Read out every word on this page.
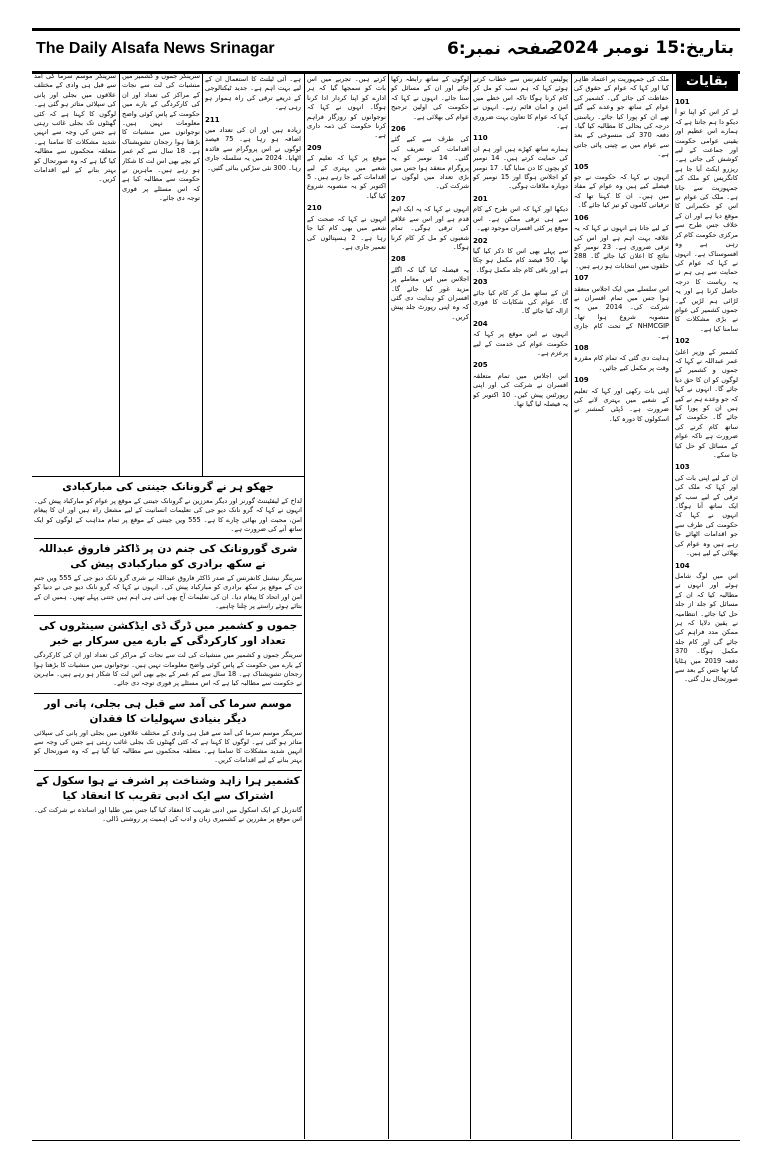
The Daily Alsafa News Srinagar	صفحہ نمبر:6
بتاریخ:15 نومبر 2024
بقایات
101

لے کر اس کو اپنا تو آ دیکو دا ہم جانتا ہے کہ ہمارے اس عظیم اور یقینی عوامی حکومت اور جماعت کے لیے کوشش کی جاتی ہے۔ ریزرو ایکٹ آیا جا ہے کانگریس کو ملک کی جمہوریت سے جانا ہے۔ ملک کی عوام نے اس کو حکمرانی کا موقع دیا ہے اور ان کے خلاف جس طرح سے مرکزی حکومت کام کر رہی ہے وہ افسوسناک ہے۔ انہوں نے کہا کہ عوام کی حمایت سے ہی ہم نے یہ ریاست کا درجہ حاصل کرنا ہے اور یہ لڑائی ہم لڑیں گے۔ جموں کشمیر کی عوام نے بڑی مشکلات کا سامنا کیا ہے۔

102

کشمیر کے وزیر اعلیٰ عمر عبداللہ نے کہا کہ جموں و کشمیر کے لوگوں کو ان کا حق دیا جائے گا۔ انہوں نے کہا کہ جو وعدے ہم نے کیے ہیں ان کو پورا کیا جائے گا۔ حکومت کے ساتھ کام کرنے کی ضرورت ہے تاکہ عوام کے مسائل کو حل کیا جا سکے۔

103

ان کے لیے اپنی بات کی اور کہا کہ ملک کی ترقی کے لیے سب کو ایک ساتھ آنا ہوگا۔ انہوں نے کہا کہ حکومت کی طرف سے جو اقدامات اٹھائے جا رہے ہیں وہ عوام کی بھلائی کے لیے ہیں۔

104

اس میں لوگ شامل ہوئے اور انہوں نے مطالبہ کیا کہ ان کے مسائل کو جلد از جلد حل کیا جائے۔ انتظامیہ نے یقین دلایا کہ ہر ممکن مدد فراہم کی جائے گی اور کام جلد مکمل ہوگا۔ 370 دفعہ 2019 میں ہٹایا گیا تھا جس کے بعد سے صورتحال بدل گئی۔

ملک کی جمہوریت پر اعتماد ظاہر کیا اور کہا کہ عوام کے حقوق کی حفاظت کی جائے گی۔ کشمیر کی عوام کے ساتھ جو وعدے کیے گئے تھے ان کو پورا کیا جائے۔ ریاستی درجہ کی بحالی کا مطالبہ کیا گیا۔ دفعہ 370 کی منسوخی کے بعد سے عوام میں بے چینی پائی جاتی ہے۔

105

انہوں نے کہا کہ حکومت نے جو فیصلے کیے ہیں وہ عوام کے مفاد میں ہیں۔ ان کا کہنا تھا کہ ترقیاتی کاموں کو تیز کیا جائے گا۔

106

کے لیے جانا ہے انہوں نے کہا کہ یہ علاقہ بہت اہم ہے اور اس کی ترقی ضروری ہے۔ 23 نومبر کو نتائج کا اعلان کیا جائے گا۔ 288 حلقوں میں انتخابات ہو رہے ہیں۔

107

اس سلسلے میں ایک اجلاس منعقد ہوا جس میں تمام افسران نے شرکت کی۔ 2014 میں یہ منصوبہ شروع ہوا تھا۔ NHMCGIP کے تحت کام جاری ہے۔

108

ہدایت دی گئی کہ تمام کام مقررہ وقت پر مکمل کیے جائیں۔

109

اپنی بات رکھی اور کہا کہ تعلیم کے شعبے میں بہتری لانے کی ضرورت ہے۔ ڈپٹی کمشنر نے اسکولوں کا دورہ کیا۔

پولیس کانفرنس سے خطاب کرتے ہوئے کہا کہ ہم سب کو مل کر کام کرنا ہوگا تاکہ اس خطے میں امن و امان قائم رہے۔ انہوں نے کہا کہ عوام کا تعاون بہت ضروری ہے۔

110

ہمارے ساتھ کھڑے ہیں اور ہم ان کی حمایت کرتے ہیں۔ 14 نومبر کو بچوں کا دن منایا گیا۔ 17 نومبر کو اجلاس ہوگا اور 15 نومبر کو دوبارہ ملاقات ہوگی۔

201

دیکھا اور کہا کہ اس طرح کے کام سے ہی ترقی ممکن ہے۔ اس موقع پر کئی افسران موجود تھے۔

202

سے پہلے بھی اس کا ذکر کیا گیا تھا۔ 50 فیصد کام مکمل ہو چکا ہے اور باقی کام جلد مکمل ہوگا۔

203

ان کے ساتھ مل کر کام کیا جائے گا۔ عوام کی شکایات کا فوری ازالہ کیا جائے گا۔

204

انہوں نے اس موقع پر کہا کہ حکومت عوام کی خدمت کے لیے پرعزم ہے۔

205

اس اجلاس میں تمام متعلقہ افسران نے شرکت کی اور اپنی رپورٹس پیش کیں۔ 10 اکتوبر کو یہ فیصلہ لیا گیا تھا۔

لوگوں کے ساتھ رابطہ رکھا جائے اور ان کے مسائل کو سنا جائے۔ انہوں نے کہا کہ حکومت کی اولین ترجیح عوام کی بھلائی ہے۔

206

کی طرف سے کیے گئے اقدامات کی تعریف کی گئی۔ 14 نومبر کو یہ پروگرام منعقد ہوا جس میں بڑی تعداد میں لوگوں نے شرکت کی۔

207

انہوں نے کہا کہ یہ ایک اہم قدم ہے اور اس سے علاقے کی ترقی ہوگی۔ تمام شعبوں کو مل کر کام کرنا ہوگا۔

208

یہ فیصلہ کیا گیا کہ اگلے اجلاس میں اس معاملے پر مزید غور کیا جائے گا۔ افسران کو ہدایت دی گئی کہ وہ اپنی رپورٹ جلد پیش کریں۔

کرتے ہیں۔ تجربے میں اس بات کو سمجھا گیا کہ ہر ادارے کو اپنا کردار ادا کرنا ہوگا۔ انہوں نے کہا کہ نوجوانوں کو روزگار فراہم کرنا حکومت کی ذمہ داری ہے۔

209

موقع پر کہا کہ تعلیم کے شعبے میں بہتری کے لیے اقدامات کیے جا رہے ہیں۔ 5 اکتوبر کو یہ منصوبہ شروع کیا گیا۔

210

انہوں نے کہا کہ صحت کے شعبے میں بھی کام کیا جا رہا ہے۔ 2 ہسپتالوں کی تعمیر جاری ہے۔

ہے۔ آئی ٹیلنٹ کا استعمال ان کے لیے بہت اہم ہے۔ جدید ٹیکنالوجی کے ذریعے ترقی کی راہ ہموار ہو رہی ہے۔

211

زیادہ ہیں اور ان کی تعداد میں اضافہ ہو رہا ہے۔ 75 فیصد لوگوں نے اس پروگرام سے فائدہ اٹھایا۔ 2024 میں یہ سلسلہ جاری رہا۔ 300 نئی سڑکیں بنائی گئیں۔

سرینگر موسم سرما کی آمد سے قبل ہی وادی کے مختلف علاقوں میں بجلی اور پانی کی سپلائی متاثر ہو گئی ہے۔ لوگوں کا کہنا ہے کہ کئی گھنٹوں تک بجلی غائب رہتی ہے جس کی وجہ سے انہیں شدید مشکلات کا سامنا ہے۔ متعلقہ محکموں سے مطالبہ کیا گیا ہے کہ وہ صورتحال کو بہتر بنانے کے لیے اقدامات کریں۔

سرینگر جموں و کشمیر میں منشیات کی لت سے نجات کے مراکز کی تعداد اور ان کی کارکردگی کے بارے میں حکومت کے پاس کوئی واضح معلومات نہیں ہیں۔ نوجوانوں میں منشیات کا بڑھتا ہوا رجحان تشویشناک ہے۔ 18 سال سے کم عمر کے بچے بھی اس لت کا شکار ہو رہے ہیں۔ ماہرین نے حکومت سے مطالبہ کیا ہے کہ اس مسئلے پر فوری توجہ دی جائے۔

جھکو ہر نے گرونانک جینتی کی مبارکبادی
لداخ کے لیفٹیننٹ گورنر اور دیگر معززین نے گرونانک جینتی کے موقع پر عوام کو مبارکباد پیش کی۔ انہوں نے کہا کہ گرو نانک دیو جی کی تعلیمات انسانیت کے لیے مشعل راہ ہیں اور ان کا پیغام امن، محبت اور بھائی چارے کا ہے۔ 555 ویں جینتی کے موقع پر تمام مذاہب کے لوگوں کو ایک ساتھ آنے کی ضرورت ہے۔
شری گورونانک کی جنم دن پر ڈاکٹر فاروق عبداللہ نے سکھ برادری کو مبارکبادی پیش کی
سرینگر نیشنل کانفرنس کے صدر ڈاکٹر فاروق عبداللہ نے شری گرو نانک دیو جی کے 555 ویں جنم دن کے موقع پر سکھ برادری کو مبارکباد پیش کی۔ انہوں نے کہا کہ گرو نانک دیو جی نے دنیا کو امن اور اتحاد کا پیغام دیا۔ ان کی تعلیمات آج بھی اتنی ہی اہم ہیں جتنی پہلے تھیں۔ ہمیں ان کے بتائے ہوئے راستے پر چلنا چاہیے۔
جموں و کشمیر میں ڈرگ ڈی ایڈکشن سینٹروں کی تعداد اور کارکردگی کے بارے میں سرکار بے خبر
سرینگر جموں و کشمیر میں منشیات کی لت سے نجات کے مراکز کی تعداد اور ان کی کارکردگی کے بارے میں حکومت کے پاس کوئی واضح معلومات نہیں ہیں۔ نوجوانوں میں منشیات کا بڑھتا ہوا رجحان تشویشناک ہے۔ 18 سال سے کم عمر کے بچے بھی اس لت کا شکار ہو رہے ہیں۔ ماہرین نے حکومت سے مطالبہ کیا ہے کہ اس مسئلے پر فوری توجہ دی جائے۔
موسم سرما کی آمد سے قبل ہی بجلی، پانی اور دیگر بنیادی سہولیات کا فقدان
سرینگر موسم سرما کی آمد سے قبل ہی وادی کے مختلف علاقوں میں بجلی اور پانی کی سپلائی متاثر ہو گئی ہے۔ لوگوں کا کہنا ہے کہ کئی گھنٹوں تک بجلی غائب رہتی ہے جس کی وجہ سے انہیں شدید مشکلات کا سامنا ہے۔ متعلقہ محکموں سے مطالبہ کیا گیا ہے کہ وہ صورتحال کو بہتر بنانے کے لیے اقدامات کریں۔
کشمیر ہرا زاہد وشناخت پر اشرف نے ہوا سکول کے اشتراک سے ایک ادبی تقریب کا انعقاد کیا
گاندربل کے ایک اسکول میں ادبی تقریب کا انعقاد کیا گیا جس میں طلبا اور اساتذہ نے شرکت کی۔ اس موقع پر مقررین نے کشمیری زبان و ادب کی اہمیت پر روشنی ڈالی۔
